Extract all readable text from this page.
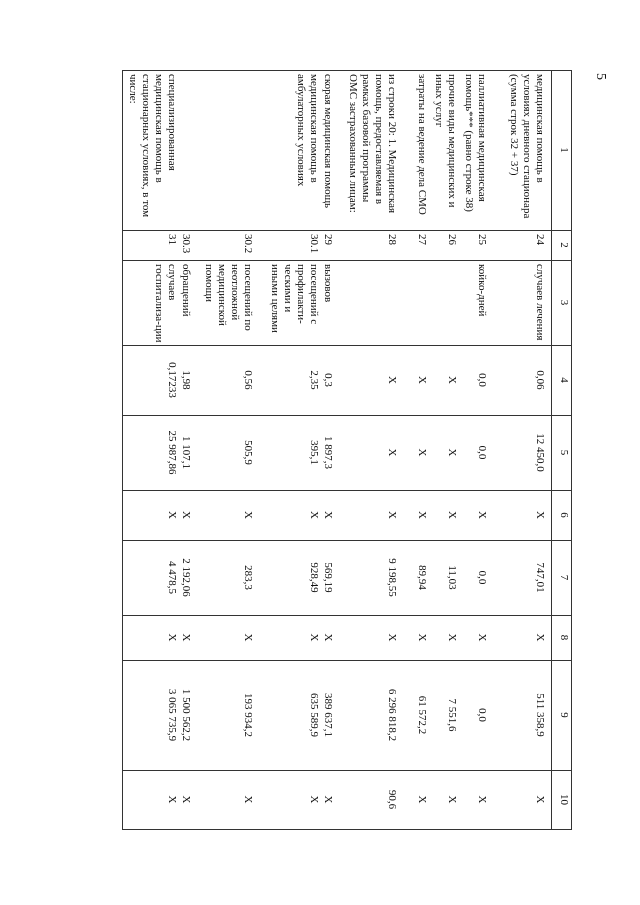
5
1
2
3
4
5
6
7
8
9
10
медицинская помощь в условиях дневного стационара (сумма строк 32 + 37)
24
случаев лечения
0,06
12 450,0
X
747,01
X
511 358,9
X
паллиативная медицинская помощь*** (равно строке 38)
25
койко-дней
0,0
0,0
X
0,0
X
0,0
X
прочие виды медицинских и иных услуг
26
X
X
X
11,03
X
7 551,6
X
затраты на ведение дела СМО
27
X
X
X
89,94
X
61 572,2
X
из строки 20: 1. Медицинская помощь, предоставляемая в рамках базовой программы ОМС застрахованным лицам:
28
X
X
X
9 198,55
X
6 296 818,2
90,6
скорая медицинская помощь
29
вызовов
0,3
1 897,3
X
569,19
X
389 637,1
X
медицинская помощь в амбулаторных условиях
30.1
посещений с профилакти-ческими и иными целями
2,35
395,1
X
928,49
X
635 589,9
X
30.2
посещений по неотложной медицинской помощи
0,56
505,9
X
283,3
X
193 934,2
X
30.3
обращений
1,98
1 107,1
X
2 192,06
X
1 500 562,2
X
специализированная медицинская помощь в стационарных условиях, в том числе:
31
случаев госпитализа-ции
0,17233
25 987,86
X
4 478,5
X
3 065 735,9
X
